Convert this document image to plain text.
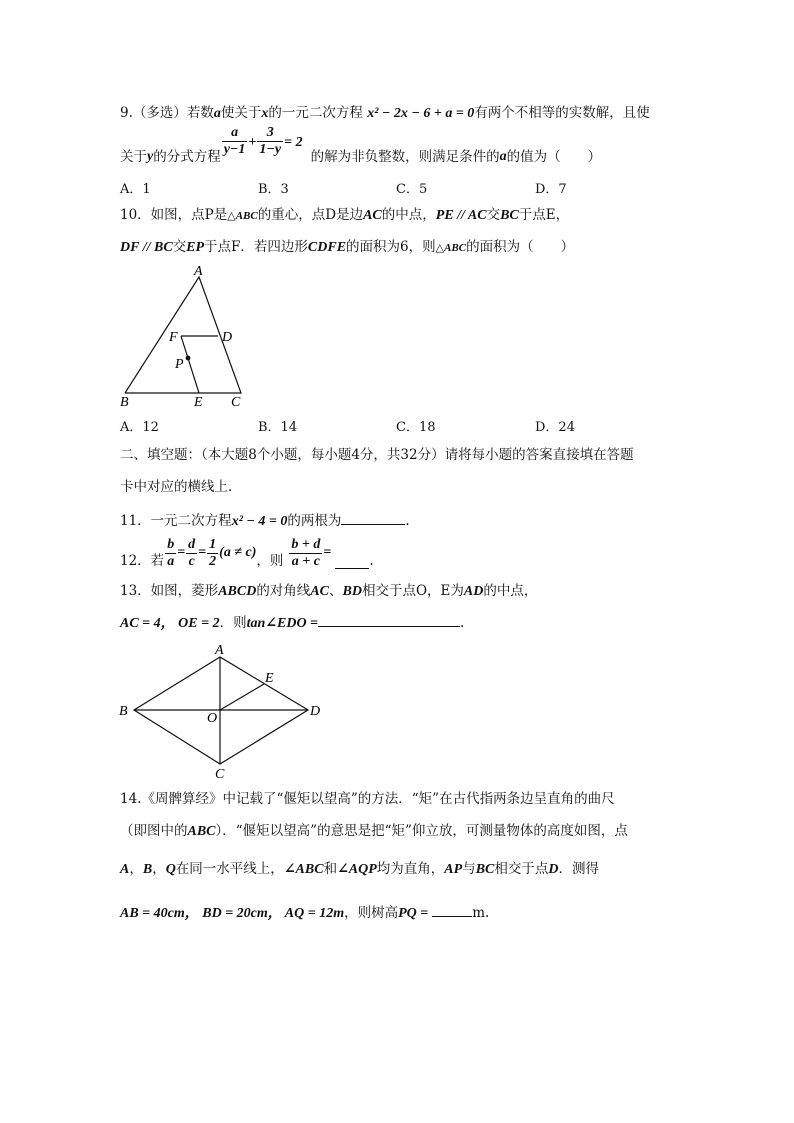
9.（多选）若数a使关于x的一元二次方程 x² − 2x − 6 + a = 0有两个不相等的实数解，且使
关于 y 的分式方程 $\frac{a}{y-1} + \frac{3}{1-y} = 2$
的解为非负整数，则满足条件的 a 的值为（　　）
A．1	B．3	C．5	D．7
10．如图，点P是△ABC的重心，点D是边AC的中点，PE // AC交BC于点E，
DF // BC交EP于点F．若四边形CDFE的面积为6，则△ABC的面积为（　　）
A
F	D
P
B	E C
A．12	B．14	C．18	D．24
二、填空题：（本大题8个小题，每小题4分，共32分）请将每小题的答案直接填在答题
卡中对应的横线上.
11．一元二次方程x² − 4 = 0的两根为	.
12．若 $\frac{b}{a} = \frac{d}{c} = \frac{1}{2} (a \ne c)$
，则 $\frac{b + d}{a + c}$ =
.
13．如图，菱形ABCD的对角线AC、BD相交于点O，E为AD的中点，
AC = 4， OE = 2．则tan∠EDO =	.
A
B	D
E
O
C
14.《周髀算经》中记载了“偃矩以望高”的方法．“矩”在古代指两条边呈直角的曲尺
（即图中的ABC）．“偃矩以望高”的意思是把“矩”仰立放，可测量物体的高度如图，点
A，B，Q在同一水平线上，∠ABC和∠AQP均为直角，AP与BC相交于点D．测得
AB = 40cm， BD = 20cm， AQ = 12m，则树高PQ =	m.
